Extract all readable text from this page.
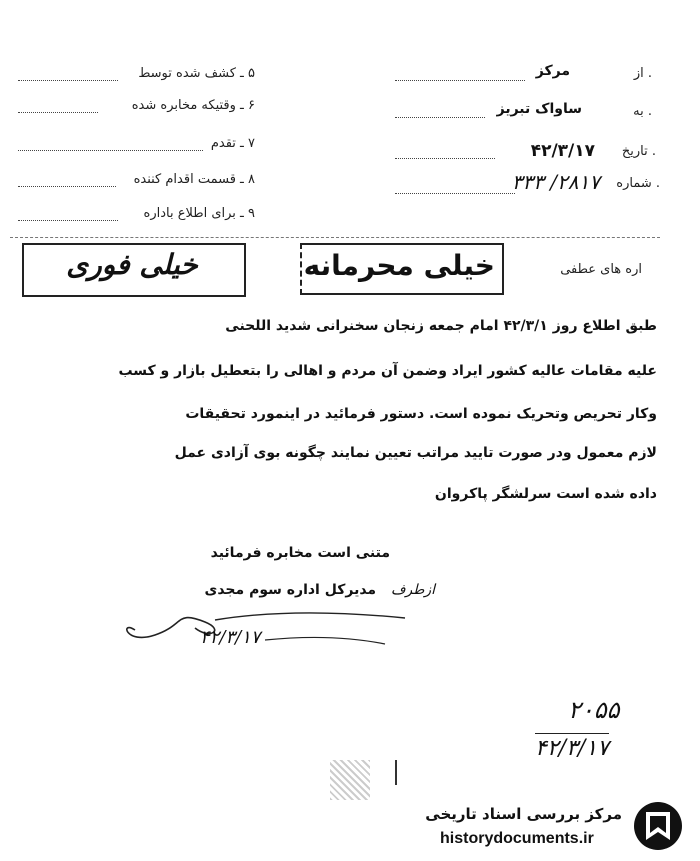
۵ ـ کشف شده توسط
۶ ـ وقتیکه مخابره شده
۷ ـ تقدم
۸ ـ قسمت اقدام کننده
۹ ـ برای اطلاع باداره
. از
مرکز
. به
ساواک تبریز
. تاریخ
۴۲/۳/۱۷
. شماره
۲۸۱۷/ ۳۳۳
اره های عطفی
خیلی فوری	خیلی محرمانه
طبق اطلاع روز ۴۲/۳/۱ امام جمعه زنجان سخنرانی شدید اللحنی
علیه مقامات عالیه کشور ایراد وضمن آن مردم و اهالی را بتعطیل بازار و کسب
وکار تحریص وتحریک نموده است. دستور فرمائید در اینمورد تحقیقات
لازم معمول ودر صورت تایید مراتب تعیین نمایند چگونه بوی آزادی عمل
داده شده است سرلشگر پاکروان
متنی است مخابره فرمائید
ازطرف مدیرکل اداره سوم مجدی
۴۲/۳/۱۷
۲۰۵۵
۴۲/۳/۱۷
مرکز بررسی اسناد تاریخی
historydocuments.ir
